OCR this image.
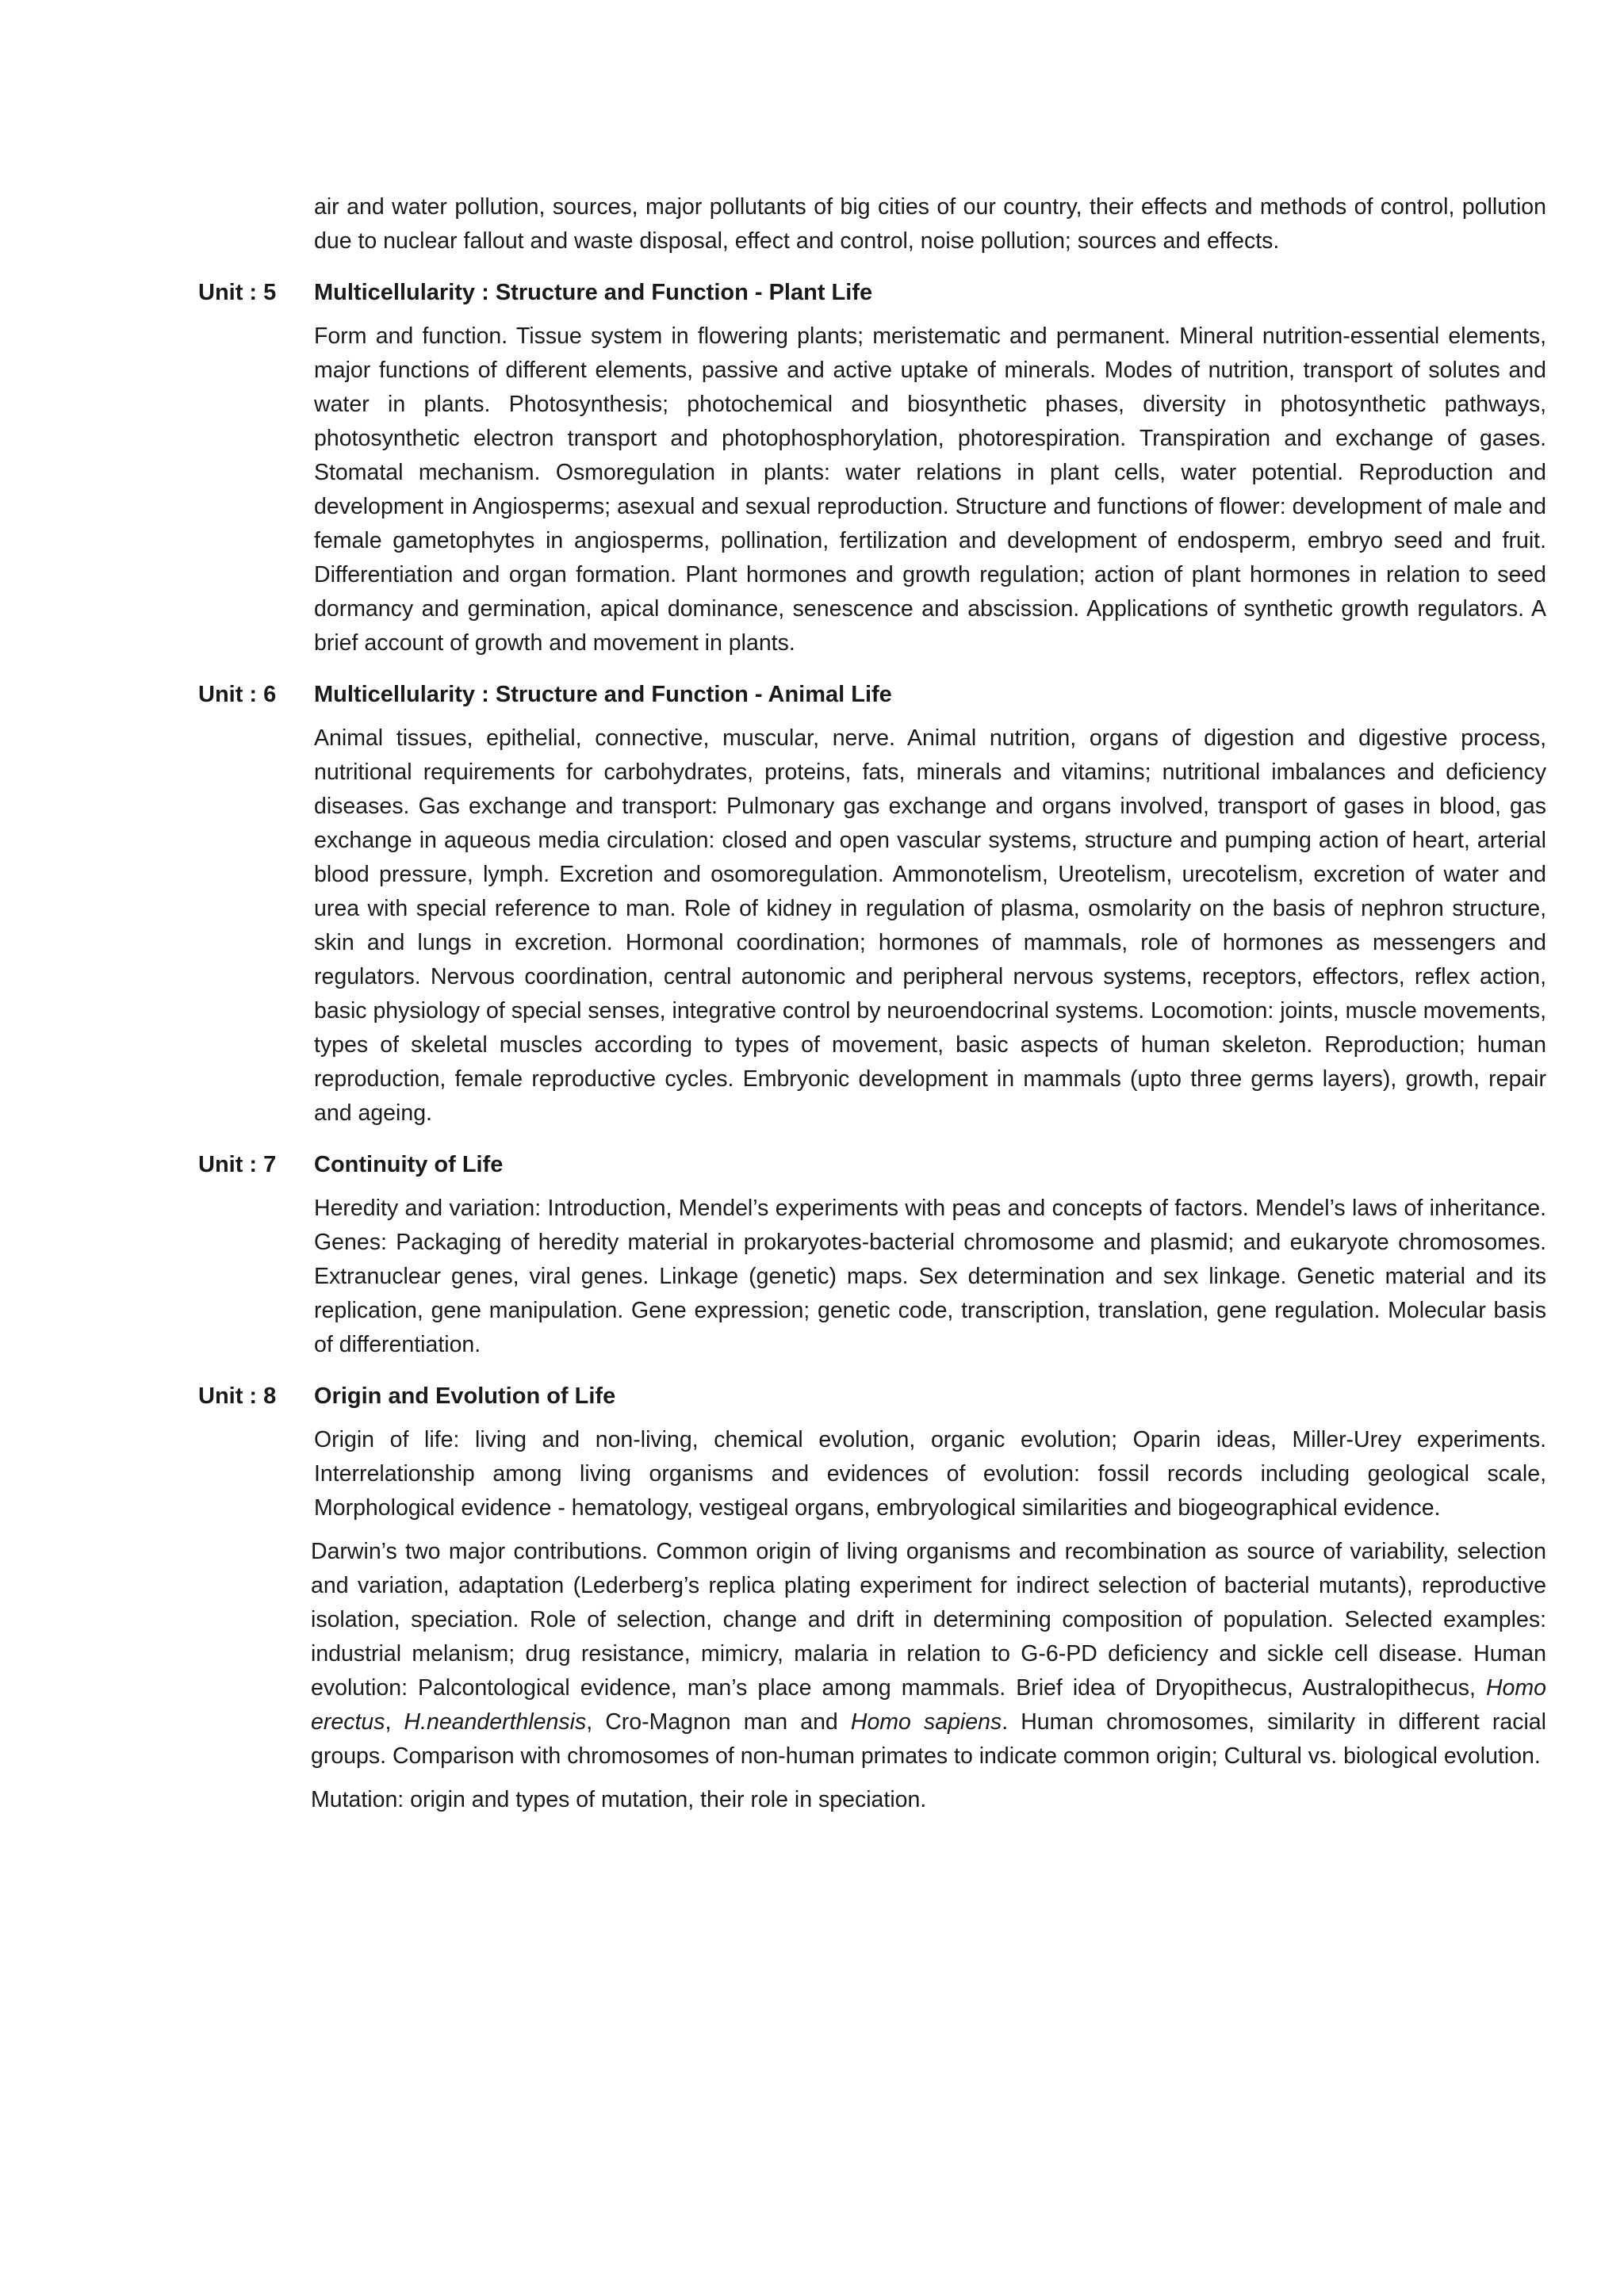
air and water pollution, sources, major pollutants of big cities of our country, their effects and methods of control, pollution due to nuclear fallout and waste disposal, effect and control, noise pollution; sources and effects.

Unit : 5	Multicellularity : Structure and Function - Plant Life

Form and function. Tissue system in flowering plants; meristematic and permanent. Mineral nutrition-essential elements, major functions of different elements, passive and active uptake of minerals. Modes of nutrition, transport of solutes and water in plants. Photosynthesis; photochemical and biosynthetic phases, diversity in photosynthetic pathways, photosynthetic electron transport and photophosphorylation, photorespiration. Transpiration and exchange of gases. Stomatal mechanism. Osmoregulation in plants: water relations in plant cells, water potential. Reproduction and development in Angiosperms; asexual and sexual reproduction. Structure and functions of flower: development of male and female gametophytes in angiosperms, pollination, fertilization and development of endosperm, embryo seed and fruit. Differentiation and organ formation. Plant hormones and growth regulation; action of plant hormones in relation to seed dormancy and germination, apical dominance, senescence and abscission. Applications of synthetic growth regulators. A brief account of growth and movement in plants.

Unit : 6	Multicellularity : Structure and Function - Animal Life

Animal tissues, epithelial, connective, muscular, nerve. Animal nutrition, organs of digestion and digestive process, nutritional requirements for carbohydrates, proteins, fats, minerals and vitamins; nutritional imbalances and deficiency diseases. Gas exchange and transport: Pulmonary gas exchange and organs involved, transport of gases in blood, gas exchange in aqueous media circulation: closed and open vascular systems, structure and pumping action of heart, arterial blood pressure, lymph. Excretion and osomoregulation. Ammonotelism, Ureotelism, urecotelism, excretion of water and urea with special reference to man. Role of kidney in regulation of plasma, osmolarity on the basis of nephron structure, skin and lungs in excretion. Hormonal coordination; hormones of mammals, role of hormones as messengers and regulators. Nervous coordination, central autonomic and peripheral nervous systems, receptors, effectors, reflex action, basic physiology of special senses, integrative control by neuroendocrinal systems. Locomotion: joints, muscle movements, types of skeletal muscles according to types of movement, basic aspects of human skeleton. Reproduction; human reproduction, female reproductive cycles. Embryonic development in mammals (upto three germs layers), growth, repair and ageing.

Unit : 7	Continuity of Life

Heredity and variation: Introduction, Mendel’s experiments with peas and concepts of factors. Mendel’s laws of inheritance. Genes: Packaging of heredity material in prokaryotes-bacterial chromosome and plasmid; and eukaryote chromosomes. Extranuclear genes, viral genes. Linkage (genetic) maps. Sex determination and sex linkage. Genetic material and its replication, gene manipulation. Gene expression; genetic code, transcription, translation, gene regulation. Molecular basis of differentiation.

Unit : 8	Origin and Evolution of Life

Origin of life: living and non-living, chemical evolution, organic evolution; Oparin ideas, Miller-Urey experiments. Interrelationship among living organisms and evidences of evolution: fossil records including geological scale, Morphological evidence - hematology, vestigeal organs, embryological similarities and biogeographical evidence.

Darwin’s two major contributions. Common origin of living organisms and recombination as source of variability, selection and variation, adaptation (Lederberg’s replica plating experiment for indirect selection of bacterial mutants), reproductive isolation, speciation. Role of selection, change and drift in determining composition of population. Selected examples: industrial melanism; drug resistance, mimicry, malaria in relation to G-6-PD deficiency and sickle cell disease. Human evolution: Palcontological evidence, man’s place among mammals. Brief idea of Dryopithecus, Australopithecus, Homo erectus, H.neanderthlensis, Cro-Magnon man and Homo sapiens. Human chromosomes, similarity in different racial groups. Comparison with chromosomes of non-human primates to indicate common origin; Cultural vs. biological evolution.

Mutation: origin and types of mutation, their role in speciation.
